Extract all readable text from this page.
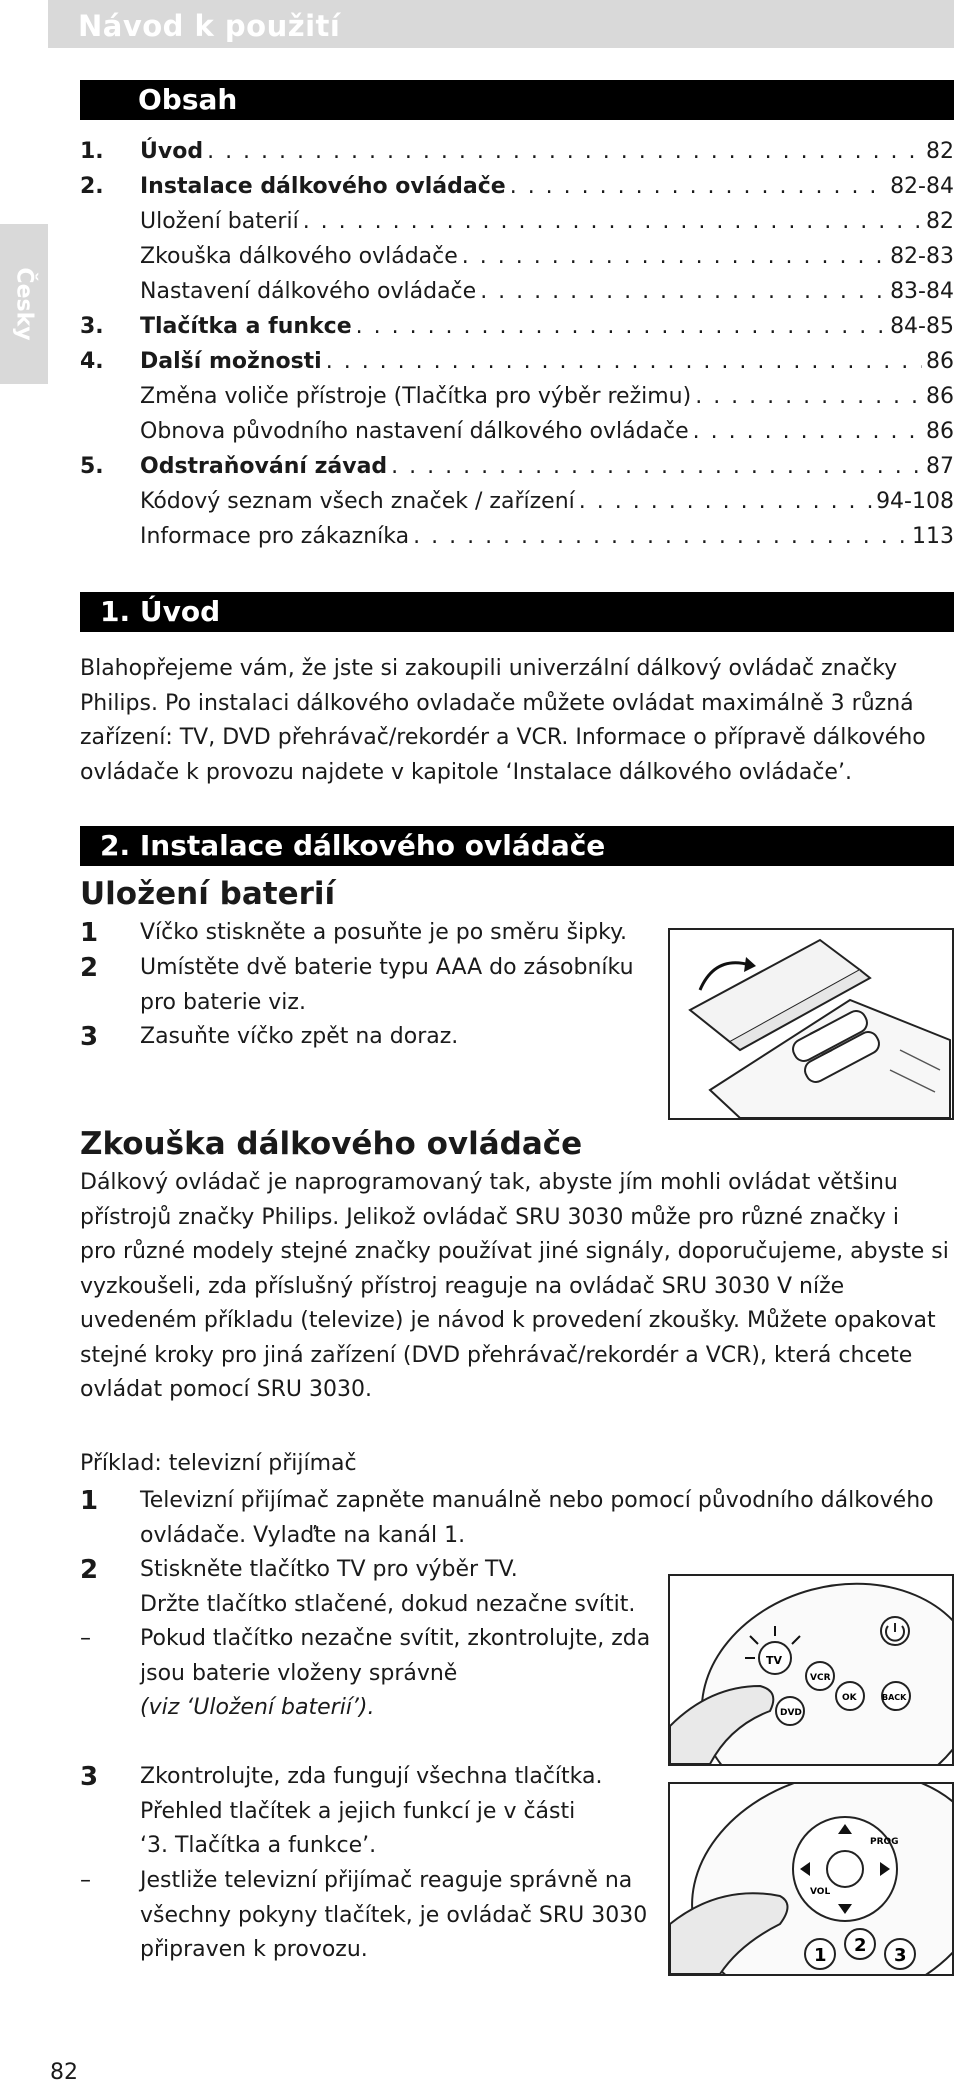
Návod k použití
Česky
Obsah
1.	Úvod . . .	82
2.	Instalace dálkového ovládače . . .	82-84
Uložení baterií . . .	82
Zkouška dálkového ovládače . . .	82-83
Nastavení dálkového ovládače . . .	83-84
3.	Tlačítka a funkce . . .	84-85
4.	Další možnosti . . .	86
Změna voliče přístroje (Tlačítka pro výběr režimu) . . .	86
Obnova původního nastavení dálkového ovládače . . .	86
5.	Odstraňování závad . . .	87
Kódový seznam všech značek / zařízení . . .	94-108
Informace pro zákazníka . . .	113
1. Úvod
Blahopřejeme vám, že jste si zakoupili univerzální dálkový ovládač značky
Philips. Po instalaci dálkového ovladače můžete ovládat maximálně 3 různá
zařízení: TV, DVD přehrávač/rekordér a VCR. Informace o přípravě dálkového
ovládače k provozu najdete v kapitole ‘Instalace dálkového ovládače’.
2. Instalace dálkového ovládače
Uložení baterií
1 Víčko stiskněte a posuňte je po směru šipky.
2 Umístěte dvě baterie typu AAA do zásobníku
pro baterie viz.
3 Zasuňte víčko zpět na doraz.
Zkouška dálkového ovládače
Dálkový ovládač je naprogramovaný tak, abyste jím mohli ovládat většinu
přístrojů značky Philips. Jelikož ovládač SRU 3030 může pro různé značky i
pro různé modely stejné značky používat jiné signály, doporučujeme, abyste si
vyzkoušeli, zda příslušný přístroj reaguje na ovládač SRU 3030 V níže
uvedeném příkladu (televize) je návod k provedení zkoušky. Můžete opakovat
stejné kroky pro jiná zařízení (DVD přehrávač/rekordér a VCR), která chcete
ovládat pomocí SRU 3030.
Příklad: televizní přijímač
1 Televizní přijímač zapněte manuálně nebo pomocí původního dálkového
ovládače. Vylaďte na kanál 1.
2 Stiskněte tlačítko TV pro výběr TV.
Držte tlačítko stlačené, dokud nezačne svítit.
– Pokud tlačítko nezačne svítit, zkontrolujte, zda
jsou baterie vloženy správně
(viz ‘Uložení baterií’).
3 Zkontrolujte, zda fungují všechna tlačítka.
Přehled tlačítek a jejich funkcí je v části
‘3. Tlačítka a funkce’.
– Jestliže televizní přijímač reaguje správně na
všechny pokyny tlačítek, je ovládač SRU 3030
připraven k provozu.
TV
VCR
OK	BACK
DVD
VOL
PROG
1 2 3
82
